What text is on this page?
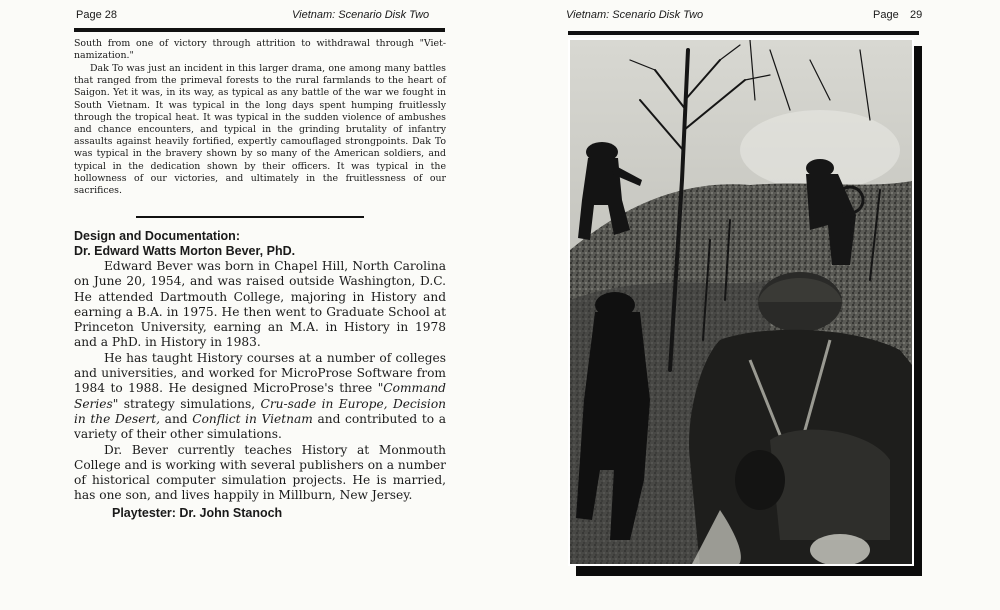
Page 28	Vietnam: Scenario Disk Two

South from one of victory through attrition to withdrawal through "Viet-namization."

Dak To was just an incident in this larger drama, one among many battles that ranged from the primeval forests to the rural farmlands to the heart of Saigon. Yet it was, in its way, as typical as any battle of the war we fought in South Vietnam. It was typical in the long days spent humping fruitlessly through the tropical heat. It was typical in the sudden violence of ambushes and chance encounters, and typical in the grinding brutality of infantry assaults against heavily fortified, expertly camouflaged strongpoints. Dak To was typical in the bravery shown by so many of the American soldiers, and typical in the dedication shown by their officers. It was typical in the hollowness of our victories, and ultimately in the fruitlessness of our sacrifices.

Design and Documentation:
Dr. Edward Watts Morton Bever, PhD.

Edward Bever was born in Chapel Hill, North Carolina on June 20, 1954, and was raised outside Washington, D.C. He attended Dartmouth College, majoring in History and earning a B.A. in 1975. He then went to Graduate School at Princeton University, earning an M.A. in History in 1978 and a PhD. in History in 1983.

He has taught History courses at a number of colleges and universities, and worked for MicroProse Software from 1984 to 1988. He designed MicroProse's three "Command Series" strategy simulations, Cru-sade in Europe, Decision in the Desert, and Conflict in Vietnam and contributed to a variety of their other simulations.

Dr. Bever currently teaches History at Monmouth College and is working with several publishers on a number of historical computer simulation projects. He is married, has one son, and lives happily in Millburn, New Jersey.

Playtester: Dr. John Stanoch
Vietnam: Scenario Disk Two	Page 29
